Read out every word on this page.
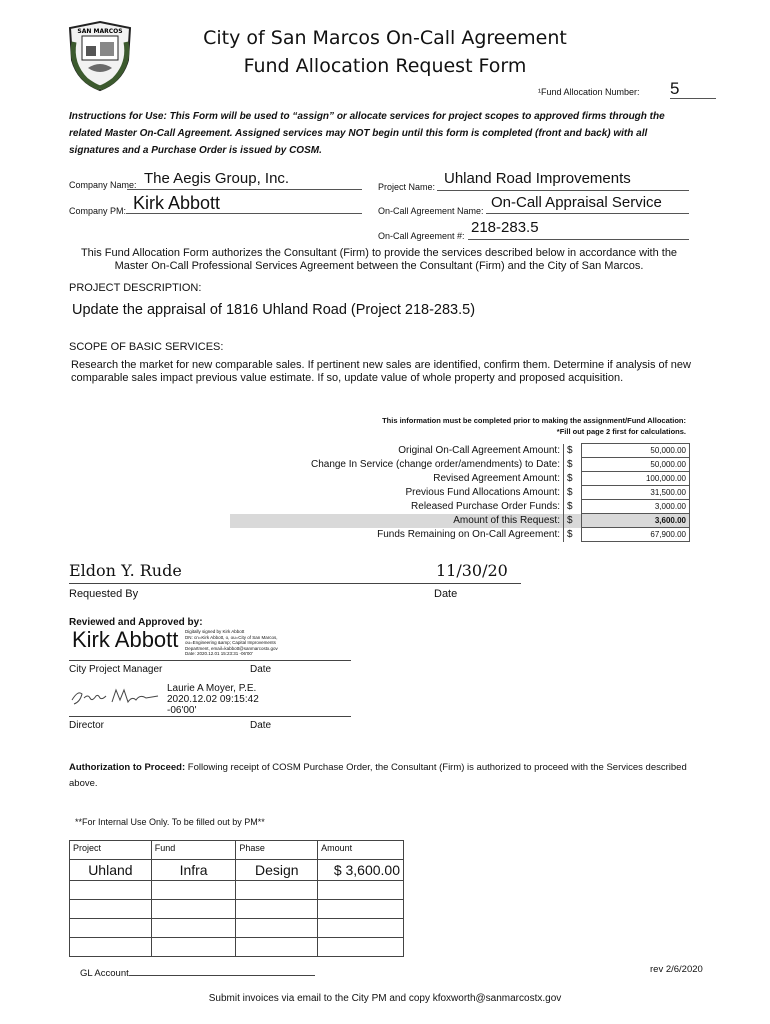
SAN MARCOS	City of San Marcos On-Call Agreement
Fund Allocation Request Form
¹Fund Allocation Number: 5
Instructions for Use: This Form will be used to “assign” or allocate services for project scopes to approved firms through the related Master On-Call Agreement. Assigned services may NOT begin until this form is completed (front and back) with all signatures and a Purchase Order is issued by COSM.
Company Name: The Aegis Group, Inc.	Project Name: Uhland Road Improvements
Company PM: Kirk Abbott	On-Call Agreement Name: On-Call Appraisal Service
On-Call Agreement #: 218-283.5
This Fund Allocation Form authorizes the Consultant (Firm) to provide the services described below in accordance with the Master On-Call Professional Services Agreement between the Consultant (Firm) and the City of San Marcos.
PROJECT DESCRIPTION:
Update the appraisal of 1816 Uhland Road (Project 218-283.5)
SCOPE OF BASIC SERVICES:
Research the market for new comparable sales. If pertinent new sales are identified, confirm them. Determine if analysis of new comparable sales impact previous value estimate. If so, update value of whole property and proposed acquisition.
This information must be completed prior to making the assignment/Fund Allocation:
*Fill out page 2 first for calculations.
Original On-Call Agreement Amount:	$	50,000.00
Change In Service (change order/amendments) to Date:	$	50,000.00
Revised Agreement Amount:	$	100,000.00
Previous Fund Allocations Amount:	$	31,500.00
Released Purchase Order Funds:	$	3,000.00
Amount of this Request:	$	3,600.00
Funds Remaining on On-Call Agreement:	$	67,900.00
Eldon Y. Rude	11/30/20
Requested By	Date
Reviewed and Approved by:
Kirk Abbott Digitally signed by Kirk Abbott
DN: cn=Kirk Abbott, o, ou=City of San Marcos,
ou=Engineering &amp; Capital Improvements
Department, email=kabbott@sanmarcostx.gov
Date: 2020.12.01 15:23:31 -06'00'
City Project Manager	Date
Laurie A Moyer, P.E.
2020.12.02 09:15:42
-06'00'
Director	Date
Authorization to Proceed: Following receipt of COSM Purchase Order, the Consultant (Firm) is authorized to proceed with the Services described above.
**For Internal Use Only. To be filled out by PM**
Project	Fund	Phase	Amount
Uhland	Infra	Design	$ 3,600.00

GL Account	rev 2/6/2020
Submit invoices via email to the City PM and copy kfoxworth@sanmarcostx.gov
